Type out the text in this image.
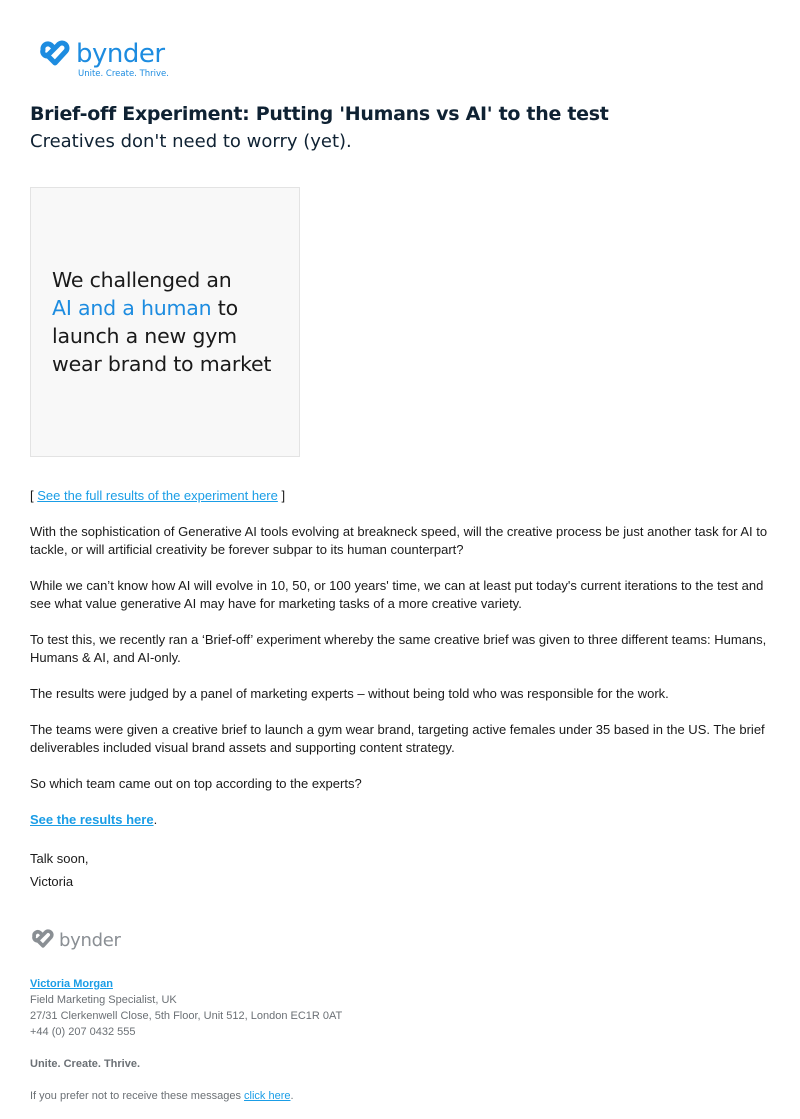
bynder
Unite. Create. Thrive.
Brief-off Experiment: Putting 'Humans vs AI' to the test
Creatives don't need to worry (yet).
We challenged an
AI and a human to
launch a new gym
wear brand to market
[ See the full results of the experiment here ]

With the sophistication of Generative AI tools evolving at breakneck speed, will the creative process be just another task for AI to tackle, or will artificial creativity be forever subpar to its human counterpart?

While we can’t know how AI will evolve in 10, 50, or 100 years' time, we can at least put today's current iterations to the test and see what value generative AI may have for marketing tasks of a more creative variety.

To test this, we recently ran a ‘Brief-off’ experiment whereby the same creative brief was given to three different teams: Humans, Humans & AI, and AI-only.

The results were judged by a panel of marketing experts – without being told who was responsible for the work.

The teams were given a creative brief to launch a gym wear brand, targeting active females under 35 based in the US. The brief deliverables included visual brand assets and supporting content strategy.

So which team came out on top according to the experts?

See the results here.

Talk soon,

Victoria

bynder
Victoria Morgan
Field Marketing Specialist, UK
27/31 Clerkenwell Close, 5th Floor, Unit 512, London EC1R 0AT
+44 (0) 207 0432 555
Unite. Create. Thrive.
If you prefer not to receive these messages click here.
